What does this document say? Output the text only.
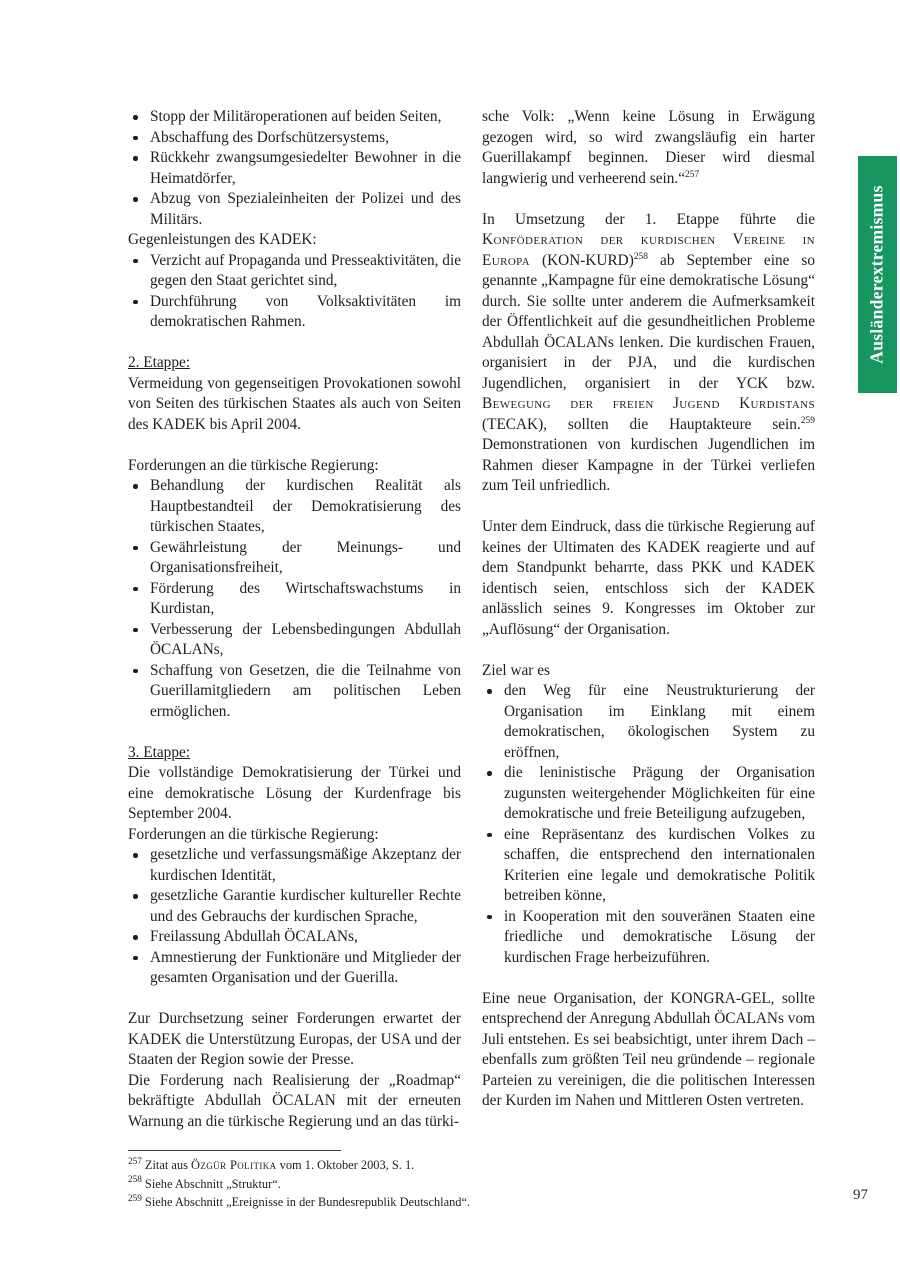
Stopp der Militäroperationen auf beiden Seiten,
Abschaffung des Dorfschützersystems,
Rückkehr zwangsumgesiedelter Bewohner in die Heimatdörfer,
Abzug von Spezialeinheiten der Polizei und des Militärs.

Gegenleistungen des KADEK:

Verzicht auf Propaganda und Presseaktivitäten, die gegen den Staat gerichtet sind,
Durchführung von Volksaktivitäten im demokratischen Rahmen.

2. Etappe:

Vermeidung von gegenseitigen Provokationen sowohl von Seiten des türkischen Staates als auch von Seiten des KADEK bis April 2004.

Forderungen an die türkische Regierung:

Behandlung der kurdischen Realität als Hauptbestandteil der Demokratisierung des türkischen Staates,
Gewährleistung der Meinungs- und Organisationsfreiheit,
Förderung des Wirtschaftswachstums in Kurdistan,
Verbesserung der Lebensbedingungen Abdullah ÖCALANs,
Schaffung von Gesetzen, die die Teilnahme von Guerillamitgliedern am politischen Leben ermöglichen.

3. Etappe:

Die vollständige Demokratisierung der Türkei und eine demokratische Lösung der Kurdenfrage bis September 2004.

Forderungen an die türkische Regierung:

gesetzliche und verfassungsmäßige Akzeptanz der kurdischen Identität,
gesetzliche Garantie kurdischer kultureller Rechte und des Gebrauchs der kurdischen Sprache,
Freilassung Abdullah ÖCALANs,
Amnestierung der Funktionäre und Mitglieder der gesamten Organisation und der Guerilla.

Zur Durchsetzung seiner Forderungen erwartet der KADEK die Unterstützung Europas, der USA und der Staaten der Region sowie der Presse.

Die Forderung nach Realisierung der „Roadmap“ bekräftigte Abdullah ÖCALAN mit der erneuten Warnung an die türkische Regierung und an das türki-

sche Volk: „Wenn keine Lösung in Erwägung gezogen wird, so wird zwangsläufig ein harter Guerillakampf beginnen. Dieser wird diesmal langwierig und verheerend sein.“$^{257}$

In Umsetzung der 1. Etappe führte die Konföderation der kurdischen Vereine in Europa (KON-KURD)$^{258}$ ab September eine so genannte „Kampagne für eine demokratische Lösung“ durch. Sie sollte unter anderem die Aufmerksamkeit der Öffentlichkeit auf die gesundheitlichen Probleme Abdullah ÖCALANs lenken. Die kurdischen Frauen, organisiert in der PJA, und die kurdischen Jugendlichen, organisiert in der YCK bzw. Bewegung der freien Jugend Kurdistans (TECAK), sollten die Hauptakteure sein.$^{259}$ Demonstrationen von kurdischen Jugendlichen im Rahmen dieser Kampagne in der Türkei verliefen zum Teil unfriedlich.

Unter dem Eindruck, dass die türkische Regierung auf keines der Ultimaten des KADEK reagierte und auf dem Standpunkt beharrte, dass PKK und KADEK identisch seien, entschloss sich der KADEK anlässlich seines 9. Kongresses im Oktober zur „Auflösung“ der Organisation.

Ziel war es

den Weg für eine Neustrukturierung der Organisation im Einklang mit einem demokratischen, ökologischen System zu eröffnen,
die leninistische Prägung der Organisation zugunsten weitergehender Möglichkeiten für eine demokratische und freie Beteiligung aufzugeben,
eine Repräsentanz des kurdischen Volkes zu schaffen, die entsprechend den internationalen Kriterien eine legale und demokratische Politik betreiben könne,
in Kooperation mit den souveränen Staaten eine friedliche und demokratische Lösung der kurdischen Frage herbeizuführen.

Eine neue Organisation, der KONGRA-GEL, sollte entsprechend der Anregung Abdullah ÖCALANs vom Juli entstehen. Es sei beabsichtigt, unter ihrem Dach – ebenfalls zum größten Teil neu gründende – regionale Parteien zu vereinigen, die die politischen Interessen der Kurden im Nahen und Mittleren Osten vertreten.

$^{257}$ Zitat aus Özgür Politika vom 1. Oktober 2003, S. 1.
$^{258}$ Siehe Abschnitt „Struktur“.
$^{259}$ Siehe Abschnitt „Ereignisse in der Bundesrepublik Deutschland“.
Ausländerextremismus
97
